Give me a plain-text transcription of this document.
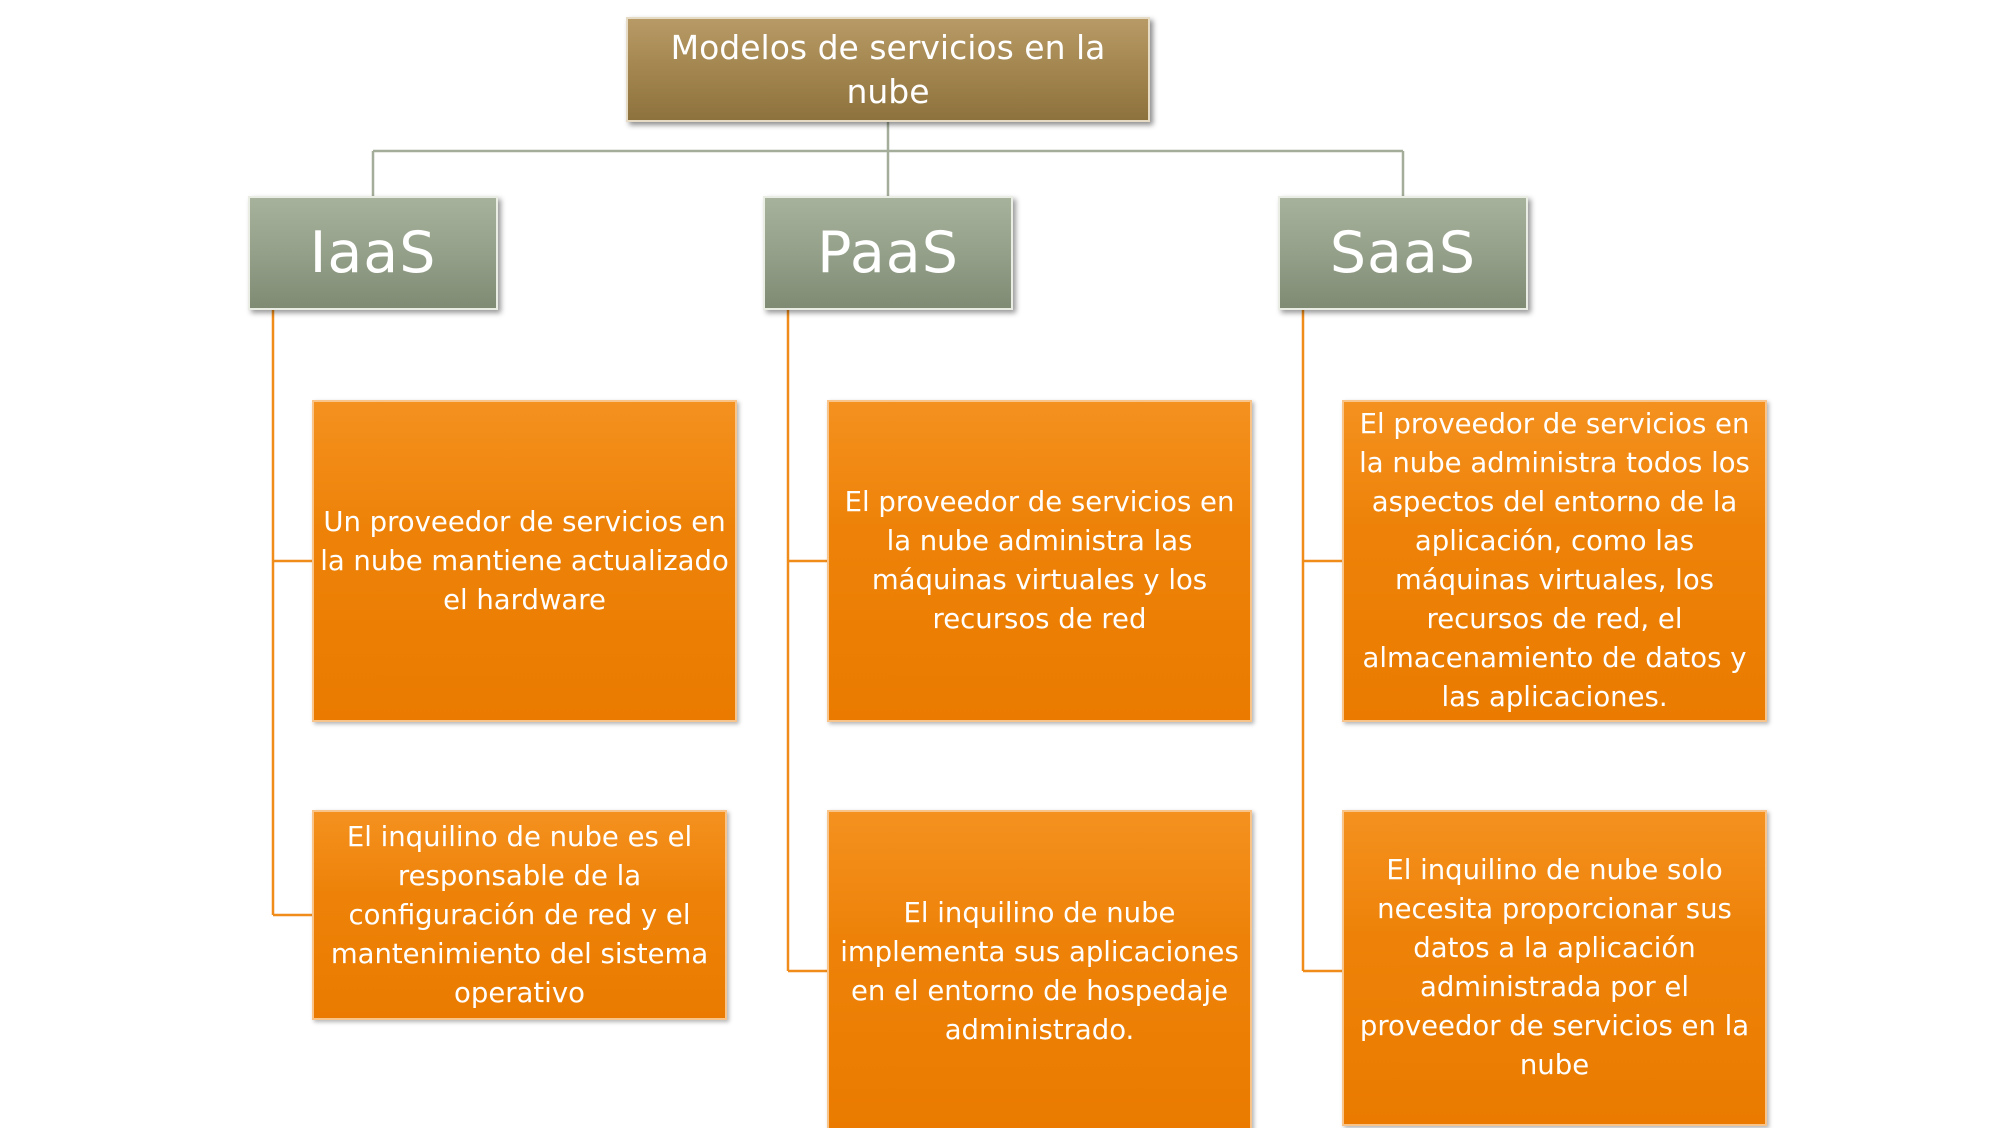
Modelos de servicios en la nube
IaaS	PaaS	SaaS
Un proveedor de servicios en la nube mantiene actualizado el hardware
El inquilino de nube es el responsable de la configuración de red y el mantenimiento del sistema operativo
El proveedor de servicios en la nube administra las máquinas virtuales y los recursos de red
El inquilino de nube implementa sus aplicaciones en el entorno de hospedaje administrado.
El proveedor de servicios en la nube administra todos los aspectos del entorno de la aplicación, como las máquinas virtuales, los recursos de red, el almacenamiento de datos y las aplicaciones.
El inquilino de nube solo necesita proporcionar sus datos a la aplicación administrada por el proveedor de servicios en la nube
